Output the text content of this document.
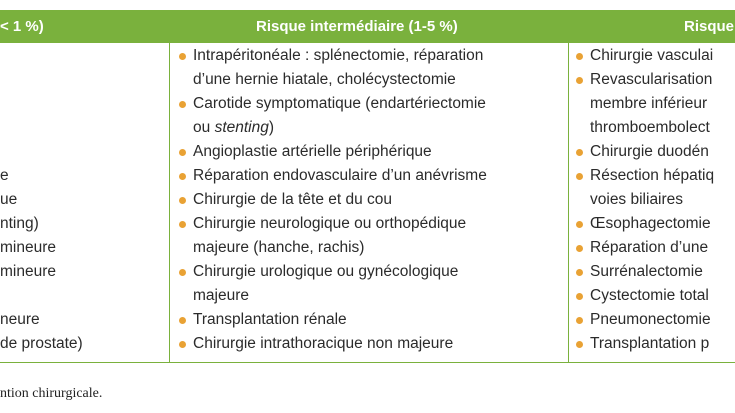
< 1 %)	Risque intermédiaire (1-5 %)	Risque
e
ue
nting)
mineure
mineure
neure
de prostate)
Intrapéritonéale : splénectomie, réparation
d’une hernie hiatale, cholécystectomie
Carotide symptomatique (endartériectomie
ou stenting)
Angioplastie artérielle périphérique
Réparation endovasculaire d’un anévrisme
Chirurgie de la tête et du cou
Chirurgie neurologique ou orthopédique
majeure (hanche, rachis)
Chirurgie urologique ou gynécologique
majeure
Transplantation rénale
Chirurgie intrathoracique non majeure
Chirurgie vasculai
Revascularisation
membre inférieur
thromboembolect
Chirurgie duodén
Résection hépatiq
voies biliaires
Œsophagectomie
Réparation d’une
Surrénalectomie
Cystectomie total
Pneumonectomie
Transplantation p
ntion chirurgicale.
